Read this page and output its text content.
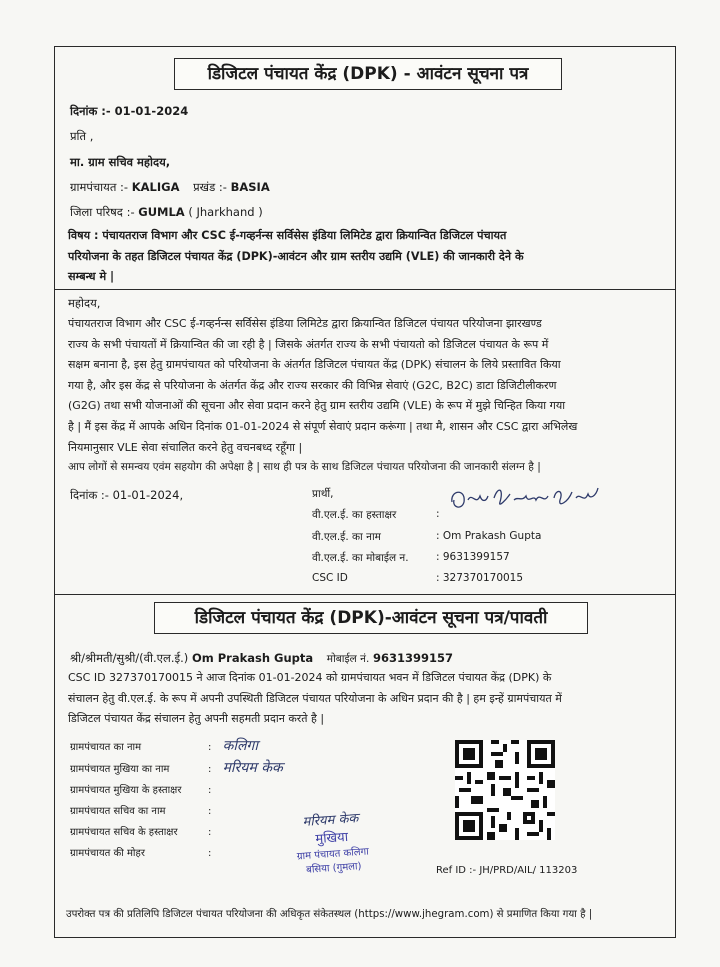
डिजिटल पंचायत केंद्र (DPK) - आवंटन सूचना पत्र
दिनांक :- 01-01-2024
प्रति ,
मा. ग्राम सचिव महोदय,
ग्रामपंचायत :- KALIGA प्रखंड :- BASIA
जिला परिषद :- GUMLA ( Jharkhand )
विषय : पंचायतराज विभाग और CSC ई-गव्हर्नन्स सर्विसेस इंडिया लिमिटेड द्वारा क्रियान्वित डिजिटल पंचायत
परियोजना के तहत डिजिटल पंचायत केंद्र (DPK)-आवंटन और ग्राम स्तरीय उद्यमि (VLE) की जानकारी देने के
सम्बन्ध मे |
महोदय,
पंचायतराज विभाग और CSC ई-गव्हर्नन्स सर्विसेस इंडिया लिमिटेड द्वारा क्रियान्वित डिजिटल पंचायत परियोजना झारखण्ड
राज्य के सभी पंचायतों में क्रियान्वित की जा रही है | जिसके अंतर्गत राज्य के सभी पंचायतो को डिजिटल पंचायत के रूप में
सक्षम बनाना है, इस हेतु ग्रामपंचायत को परियोजना के अंतर्गत डिजिटल पंचायत केंद्र (DPK) संचालन के लिये प्रस्तावित किया
गया है, और इस केंद्र से परियोजना के अंतर्गत केंद्र और राज्य सरकार की विभिन्न सेवाएं (G2C, B2C) डाटा डिजिटीलीकरण
(G2G) तथा सभी योजनाओं की सूचना और सेवा प्रदान करने हेतु ग्राम स्तरीय उद्यमि (VLE) के रूप में मुझे चिन्हित किया गया
है | मैं इस केंद्र में आपके अधिन दिनांक 01-01-2024 से संपूर्ण सेवाएं प्रदान करूंगा | तथा मै, शासन और CSC द्वारा अभिलेख
नियमानुसार VLE सेवा संचालित करने हेतु वचनबध्द रहूँगा |
आप लोगों से समन्वय एवंम सहयोग की अपेक्षा है | साथ ही पत्र के साथ डिजिटल पंचायत परियोजना की जानकारी संलग्न है |
दिनांक :- 01-01-2024,	प्रार्थी,
वी.एल.ई. का हस्ताक्षर	:
वी.एल.ई. का नाम	: Om Prakash Gupta
वी.एल.ई. का मोबाईल न.	: 9631399157
CSC ID	: 327370170015
डिजिटल पंचायत केंद्र (DPK)-आवंटन सूचना पत्र/पावती
श्री/श्रीमती/सुश्री/(वी.एल.ई.) Om Prakash Gupta मोबाईल नं. 9631399157
CSC ID 327370170015 ने आज दिनांक 01-01-2024 को ग्रामपंचायत भवन में डिजिटल पंचायत केंद्र (DPK) के
संचालन हेतु वी.एल.ई. के रूप में अपनी उपस्थिती डिजिटल पंचायत परियोजना के अधिन प्रदान की है | हम इन्हें ग्रामपंचायत में
डिजिटल पंचायत केंद्र संचालन हेतु अपनी सहमती प्रदान करते है |
ग्रामपंचायत का नाम	: कलिगा
ग्रामपंचायत मुखिया का नाम	: मरियम केक
ग्रामपंचायत मुखिया के हस्ताक्षर	:
ग्रामपंचायत सचिव का नाम	:
ग्रामपंचायत सचिव के हस्ताक्षर	:
ग्रामपंचायत की मोहर	:
मरियम केक
मुखिया
ग्राम पंचायत कलिगा
बसिया (गुमला)	Ref ID :- JH/PRD/AIL/ 113203
उपरोक्त पत्र की प्रतिलिपि डिजिटल पंचायत परियोजना की अधिकृत संकेतस्थल (https://www.jhegram.com) से प्रमाणित किया गया है |
